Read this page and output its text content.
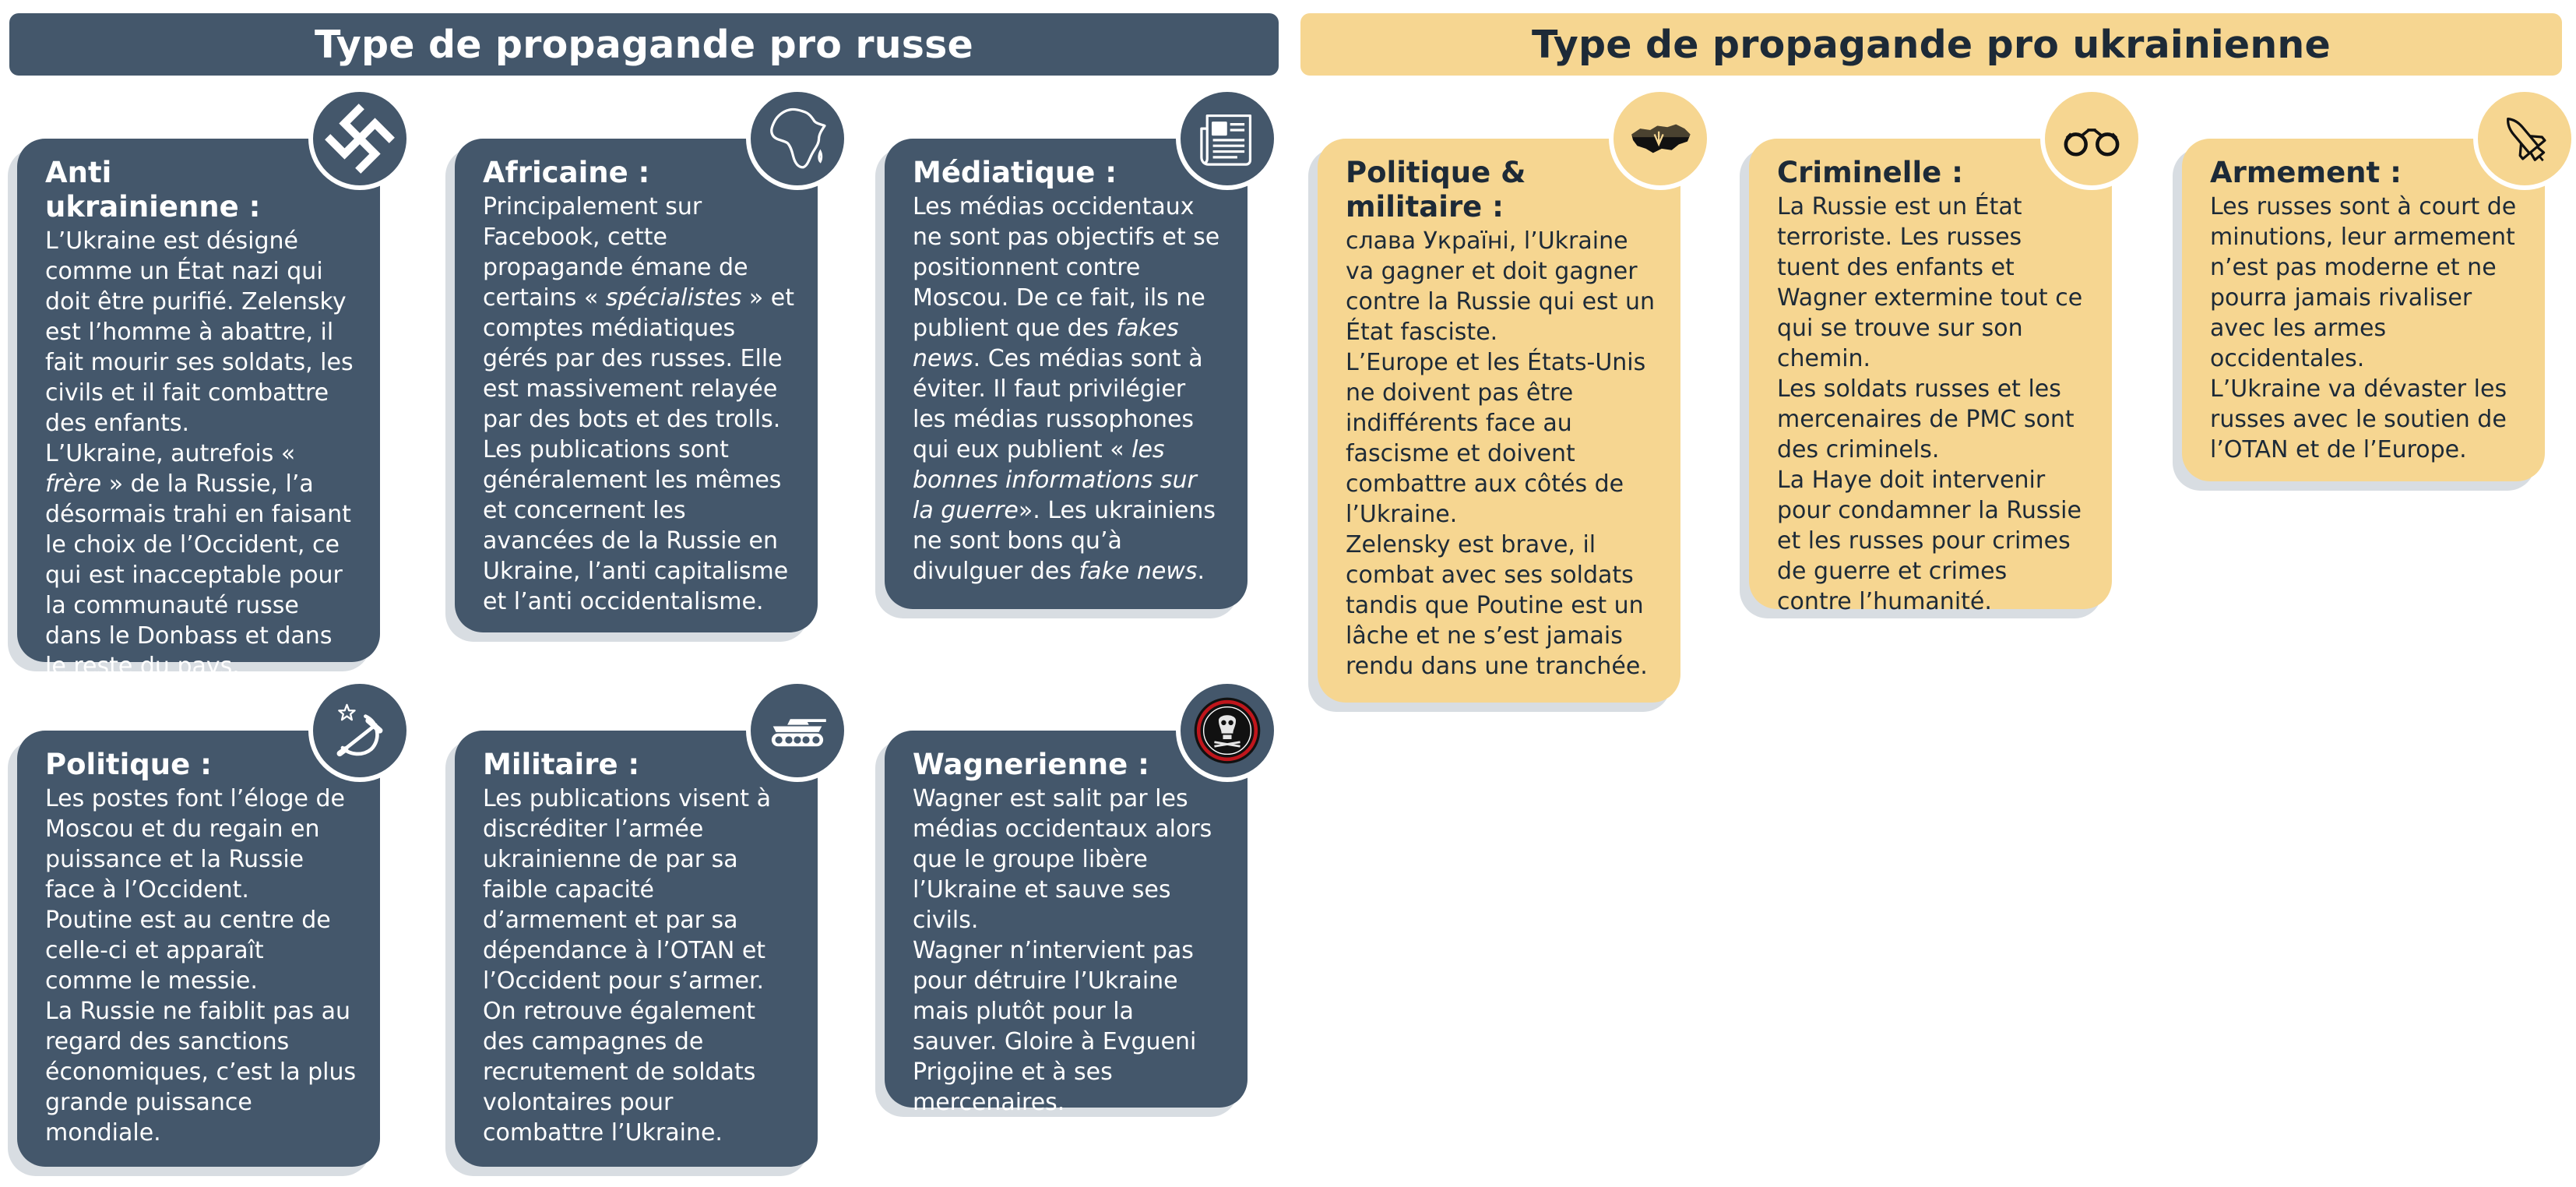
Type de propagande pro russe	Type de propagande pro ukrainienne
Anti ukrainienne :

L’Ukraine est désigné comme un État nazi qui doit être purifié. Zelensky est l’homme à abattre, il fait mourir ses soldats, les civils et il fait combattre des enfants.

L’Ukraine, autrefois « frère » de la Russie, l’a désormais trahi en faisant le choix de l’Occident, ce qui est inacceptable pour la communauté russe dans le Donbass et dans le reste du pays.

Africaine :

Principalement sur Facebook, cette propagande émane de certains « spécialistes » et comptes médiatiques gérés par des russes. Elle est massivement relayée par des bots et des trolls.

Les publications sont généralement les mêmes et concernent les avancées de la Russie en Ukraine, l’anti capitalisme et l’anti occidentalisme.

Médiatique :

Les médias occidentaux ne sont pas objectifs et se positionnent contre Moscou. De ce fait, ils ne publient que des fakes news. Ces médias sont à éviter. Il faut privilégier les médias russophones qui eux publient « les bonnes informations sur la guerre». Les ukrainiens ne sont bons qu’à divulguer des fake news.

Politique :

Les postes font l’éloge de Moscou et du regain en puissance et la Russie face à l’Occident.

Poutine est au centre de celle-ci et apparaît comme le messie.

La Russie ne faiblit pas au regard des sanctions économiques, c’est la plus grande puissance mondiale.

Militaire :

Les publications visent à discréditer l’armée ukrainienne de par sa faible capacité d’armement et par sa dépendance à l’OTAN et l’Occident pour s’armer. On retrouve également des campagnes de recrutement de soldats volontaires pour combattre l’Ukraine.

Wagnerienne :

Wagner est salit par les médias occidentaux alors que le groupe libère l’Ukraine et sauve ses civils.

Wagner n’intervient pas pour détruire l’Ukraine mais plutôt pour la sauver. Gloire à Evgueni Prigojine et à ses mercenaires.

Politique & militaire :

слава Україні, l’Ukraine va gagner et doit gagner contre la Russie qui est un État fasciste.

L’Europe et les États-Unis ne doivent pas être indifférents face au fascisme et doivent combattre aux côtés de l’Ukraine.

Zelensky est brave, il combat avec ses soldats tandis que Poutine est un lâche et ne s’est jamais rendu dans une tranchée.

Criminelle :

La Russie est un État terroriste. Les russes tuent des enfants et Wagner extermine tout ce qui se trouve sur son chemin.

Les soldats russes et les mercenaires de PMC sont des criminels.

La Haye doit intervenir pour condamner la Russie et les russes pour crimes de guerre et crimes contre l’humanité.

Armement :

Les russes sont à court de minutions, leur armement n’est pas moderne et ne pourra jamais rivaliser avec les armes occidentales.

L’Ukraine va dévaster les russes avec le soutien de l’OTAN et de l’Europe.
